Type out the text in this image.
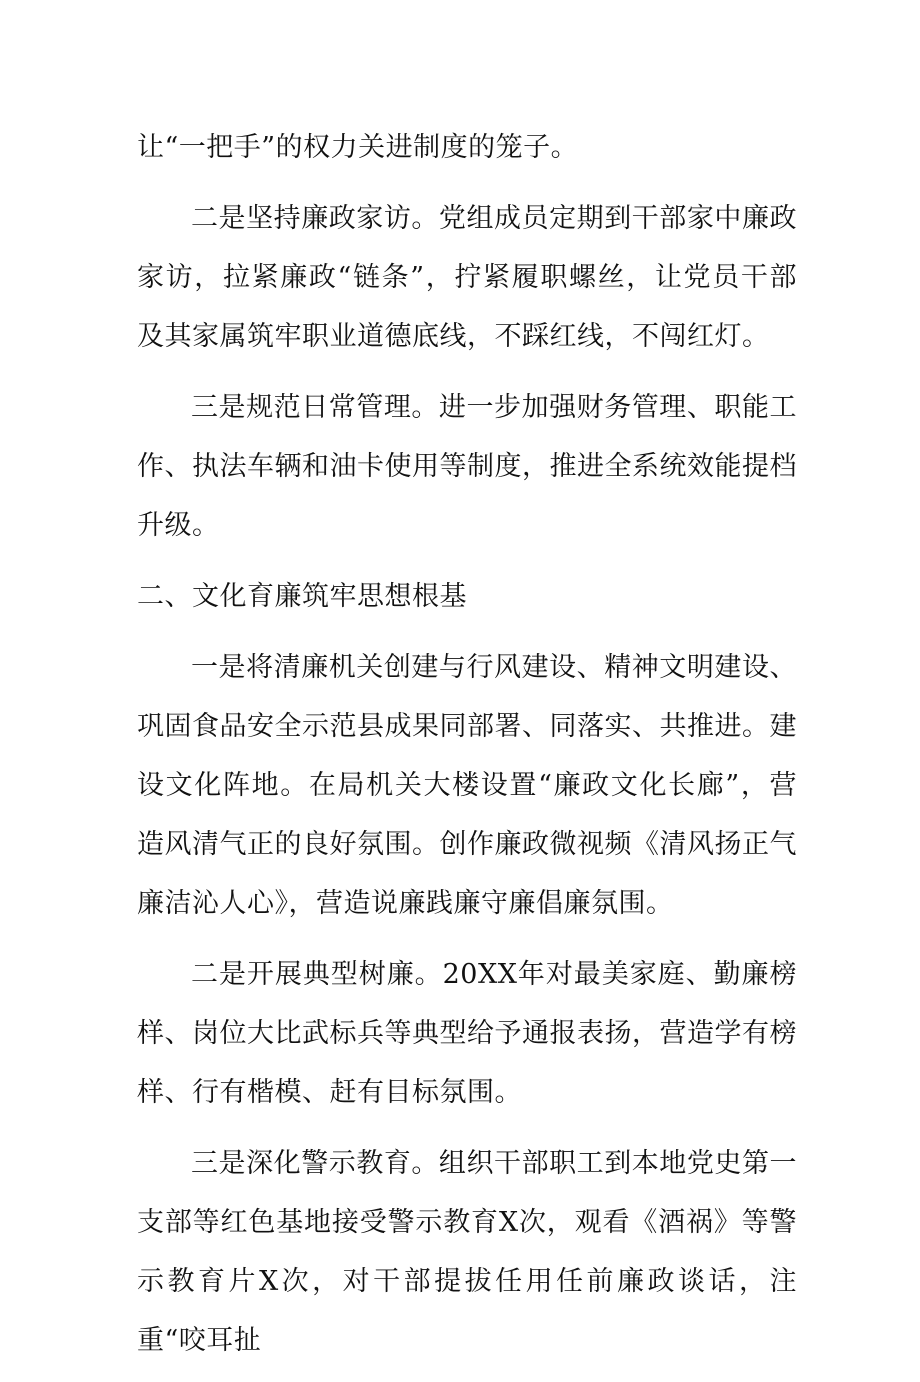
让“一把手”的权力关进制度的笼子。

二是坚持廉政家访。党组成员定期到干部家中廉政家访，拉紧廉政“链条”，拧紧履职螺丝，让党员干部及其家属筑牢职业道德底线，不踩红线，不闯红灯。

三是规范日常管理。进一步加强财务管理、职能工作、执法车辆和油卡使用等制度，推进全系统效能提档升级。

二、文化育廉筑牢思想根基

一是将清廉机关创建与行风建设、精神文明建设、巩固食品安全示范县成果同部署、同落实、共推进。建设文化阵地。在局机关大楼设置“廉政文化长廊”，营造风清气正的良好氛围。创作廉政微视频《清风扬正气廉洁沁人心》，营造说廉践廉守廉倡廉氛围。

二是开展典型树廉。20XX年对最美家庭、勤廉榜样、岗位大比武标兵等典型给予通报表扬，营造学有榜样、行有楷模、赶有目标氛围。

三是深化警示教育。组织干部职工到本地党史第一支部等红色基地接受警示教育X次，观看《酒祸》等警示教育片X次，对干部提拔任用任前廉政谈话，注重“咬耳扯
